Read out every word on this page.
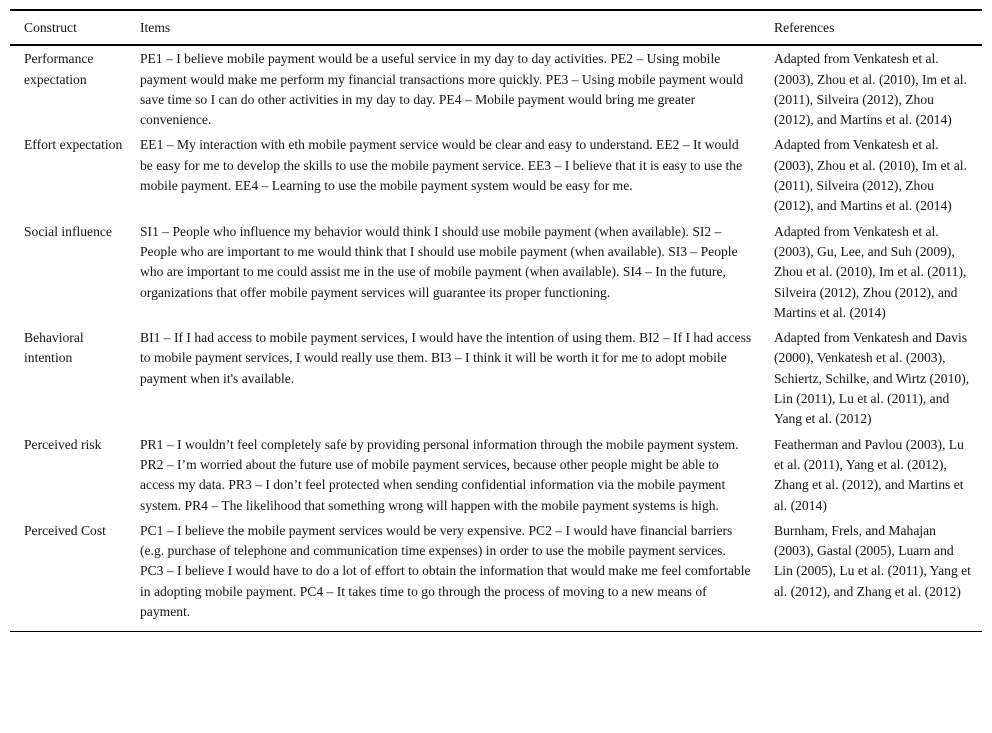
Construct	Items	References
Performance expectation	PE1 – I believe mobile payment would be a useful service in my day to day activities. PE2 – Using mobile payment would make me perform my financial transactions more quickly. PE3 – Using mobile payment would save time so I can do other activities in my day to day. PE4 – Mobile payment would bring me greater convenience.	Adapted from Venkatesh et al. (2003), Zhou et al. (2010), Im et al. (2011), Silveira (2012), Zhou (2012), and Martins et al. (2014)
Effort expectation	EE1 – My interaction with eth mobile payment service would be clear and easy to understand. EE2 – It would be easy for me to develop the skills to use the mobile payment service. EE3 – I believe that it is easy to use the mobile payment. EE4 – Learning to use the mobile payment system would be easy for me.	Adapted from Venkatesh et al. (2003), Zhou et al. (2010), Im et al. (2011), Silveira (2012), Zhou (2012), and Martins et al. (2014)
Social influence	SI1 – People who influence my behavior would think I should use mobile payment (when available). SI2 – People who are important to me would think that I should use mobile payment (when available). SI3 – People who are important to me could assist me in the use of mobile payment (when available). SI4 – In the future, organizations that offer mobile payment services will guarantee its proper functioning.	Adapted from Venkatesh et al. (2003), Gu, Lee, and Suh (2009), Zhou et al. (2010), Im et al. (2011), Silveira (2012), Zhou (2012), and Martins et al. (2014)
Behavioral intention	BI1 – If I had access to mobile payment services, I would have the intention of using them. BI2 – If I had access to mobile payment services, I would really use them. BI3 – I think it will be worth it for me to adopt mobile payment when it's available.	Adapted from Venkatesh and Davis (2000), Venkatesh et al. (2003), Schiertz, Schilke, and Wirtz (2010), Lin (2011), Lu et al. (2011), and Yang et al. (2012)
Perceived risk	PR1 – I wouldn’t feel completely safe by providing personal information through the mobile payment system. PR2 – I’m worried about the future use of mobile payment services, because other people might be able to access my data. PR3 – I don’t feel protected when sending confidential information via the mobile payment system. PR4 – The likelihood that something wrong will happen with the mobile payment systems is high.	Featherman and Pavlou (2003), Lu et al. (2011), Yang et al. (2012), Zhang et al. (2012), and Martins et al. (2014)
Perceived Cost	PC1 – I believe the mobile payment services would be very expensive. PC2 – I would have financial barriers (e.g. purchase of telephone and communication time expenses) in order to use the mobile payment services. PC3 – I believe I would have to do a lot of effort to obtain the information that would make me feel comfortable in adopting mobile payment. PC4 – It takes time to go through the process of moving to a new means of payment.	Burnham, Frels, and Mahajan (2003), Gastal (2005), Luarn and Lin (2005), Lu et al. (2011), Yang et al. (2012), and Zhang et al. (2012)
